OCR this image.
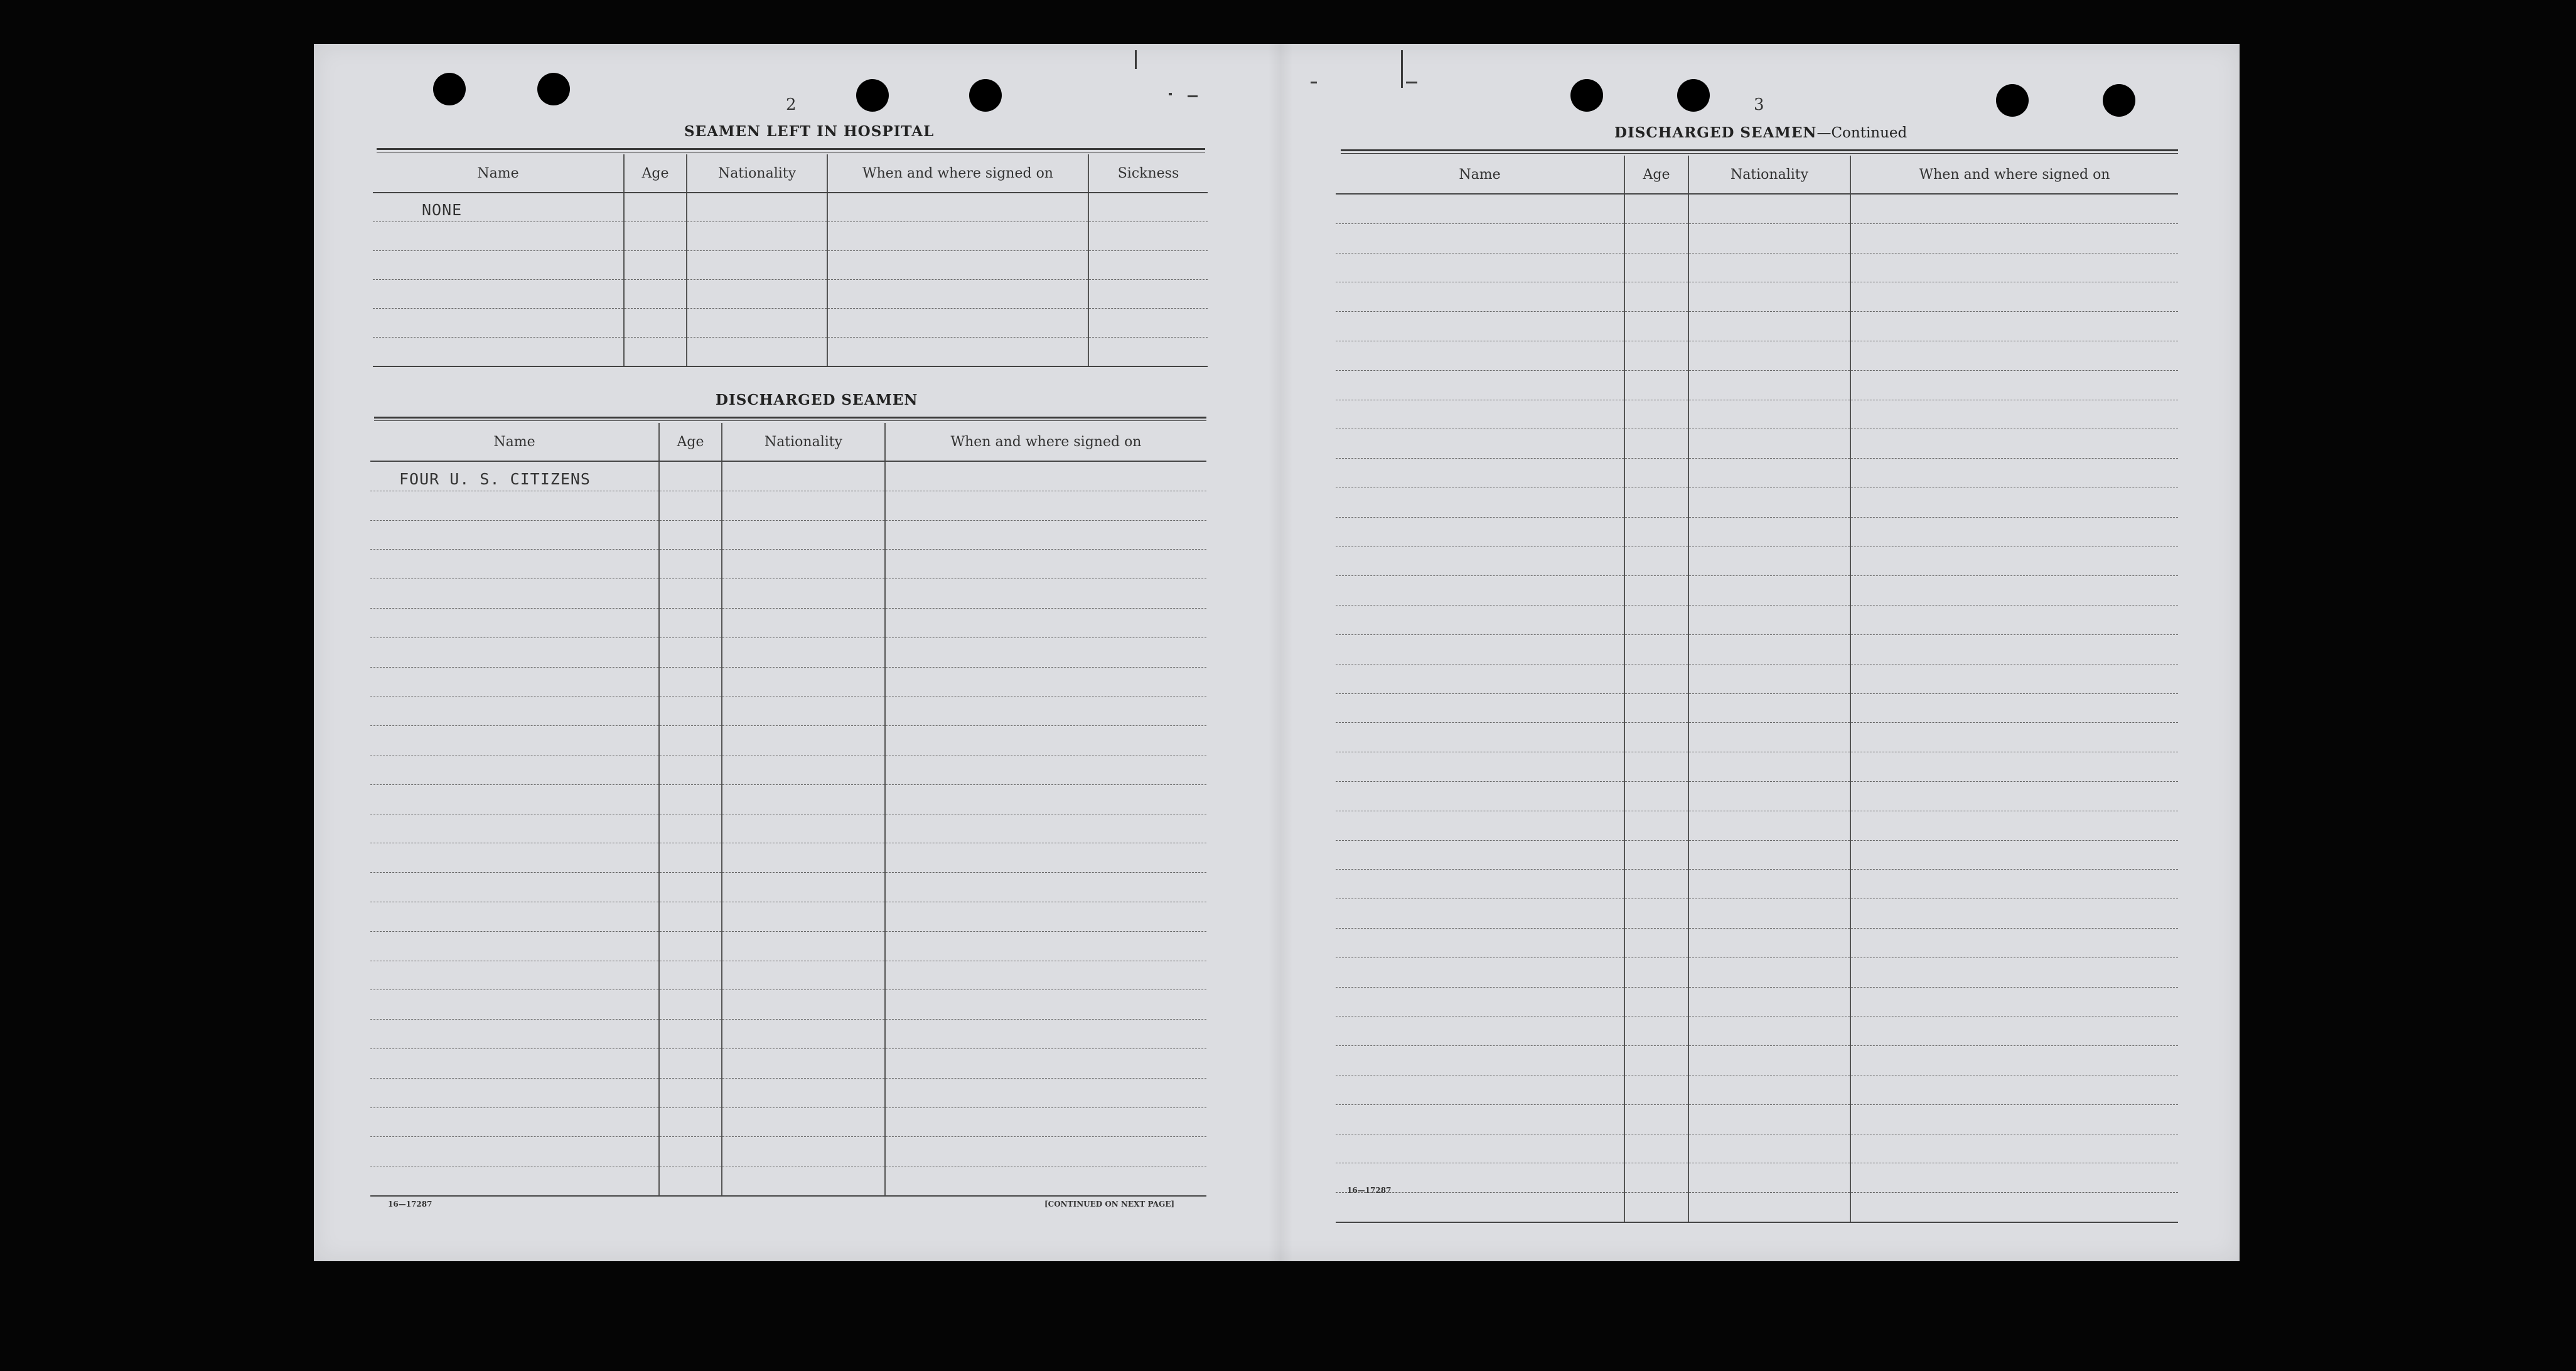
2
SEAMEN LEFT IN HOSPITAL
Name	Age	Nationality	When and where signed on	Sickness
NONE				

DISCHARGED SEAMEN
Name	Age	Nationality	When and where signed on
FOUR U. S. CITIZENS			

16—17287	[CONTINUED ON NEXT PAGE]
3
DISCHARGED SEAMEN—Continued
Name	Age	Nationality	When and where signed on

16—17287
